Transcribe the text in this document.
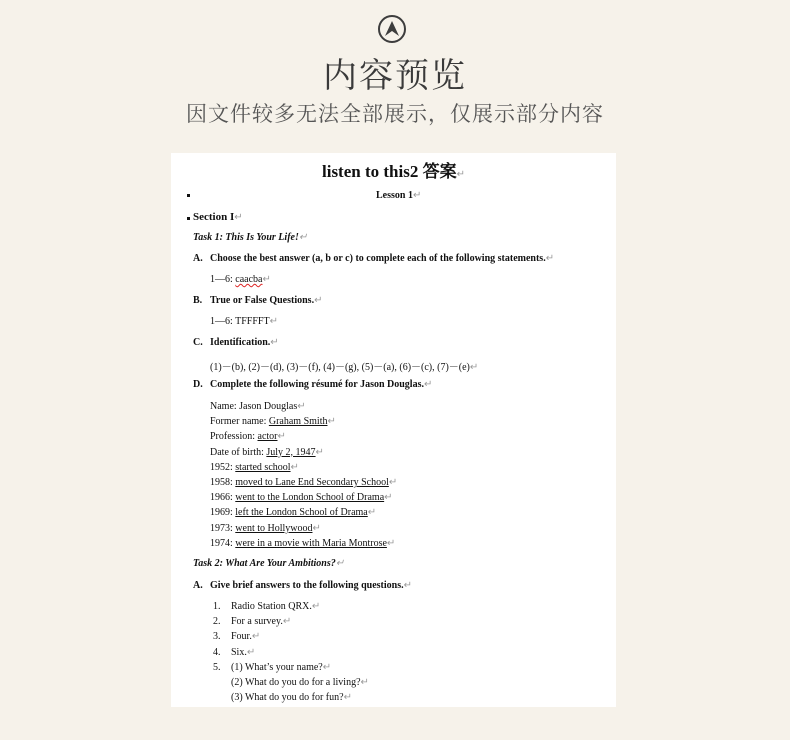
内容预览
因文件较多无法全部展示，仅展示部分内容
listen to this2 答案↵
Lesson 1↵
Section I↵
Task 1: This Is Your Life!↵
A. Choose the best answer (a, b or c) to complete each of the following statements.↵
1—6: caacba↵
B. True or False Questions.↵
1—6: TFFFFT↵
C. Identification.↵
(1)－(b), (2)－(d), (3)－(f), (4)－(g), (5)－(a), (6)－(c), (7)－(e)↵
D. Complete the following résumé for Jason Douglas.↵
Name: Jason Douglas↵
Former name: Graham Smith↵
Profession: actor↵
Date of birth: July 2, 1947↵
1952: started school↵
1958: moved to Lane End Secondary School↵
1966: went to the London School of Drama↵
1969: left the London School of Drama↵
1973: went to Hollywood↵
1974: were in a movie with Maria Montrose↵
Task 2: What Are Your Ambitions?↵
A. Give brief answers to the following questions.↵
1. Radio Station QRX.↵
2. For a survey.↵
3. Four.↵
4. Six.↵
5. (1) What’s your name?↵
(2) What do you do for a living?↵
(3) What do you do for fun?↵
